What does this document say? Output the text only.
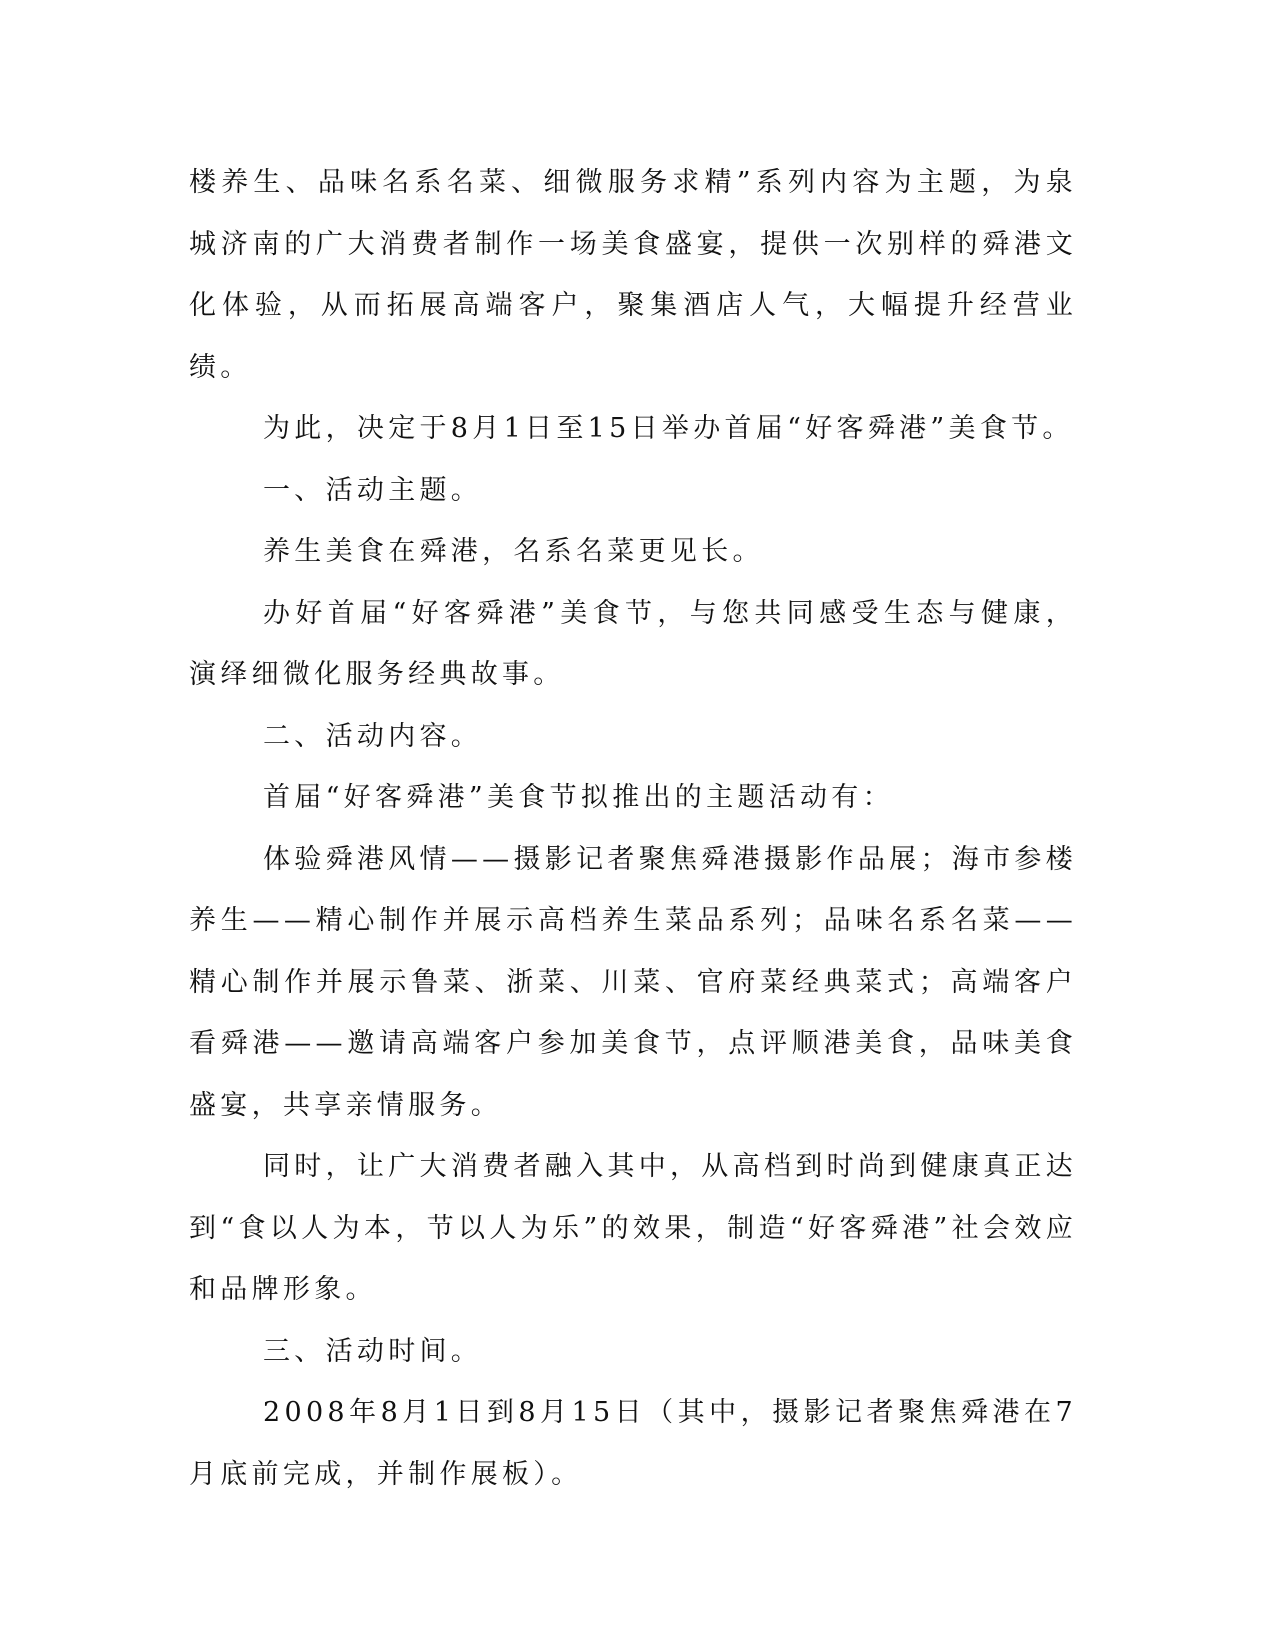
楼养生、品味名系名菜、细微服务求精”系列内容为主题，为泉城济南的广大消费者制作一场美食盛宴，提供一次别样的舜港文化体验，从而拓展高端客户，聚集酒店人气，大幅提升经营业绩。

为此，决定于8月1日至15日举办首届“好客舜港”美食节。

一、活动主题。

养生美食在舜港，名系名菜更见长。

办好首届“好客舜港”美食节，与您共同感受生态与健康，演绎细微化服务经典故事。

二、活动内容。

首届“好客舜港”美食节拟推出的主题活动有：

体验舜港风情——摄影记者聚焦舜港摄影作品展；海市参楼养生——精心制作并展示高档养生菜品系列；品味名系名菜——精心制作并展示鲁菜、浙菜、川菜、官府菜经典菜式；高端客户看舜港——邀请高端客户参加美食节，点评顺港美食，品味美食盛宴，共享亲情服务。

同时，让广大消费者融入其中，从高档到时尚到健康真正达到“食以人为本，节以人为乐”的效果，制造“好客舜港”社会效应和品牌形象。

三、活动时间。

2008年8月1日到8月15日（其中，摄影记者聚焦舜港在7月底前完成，并制作展板）。
